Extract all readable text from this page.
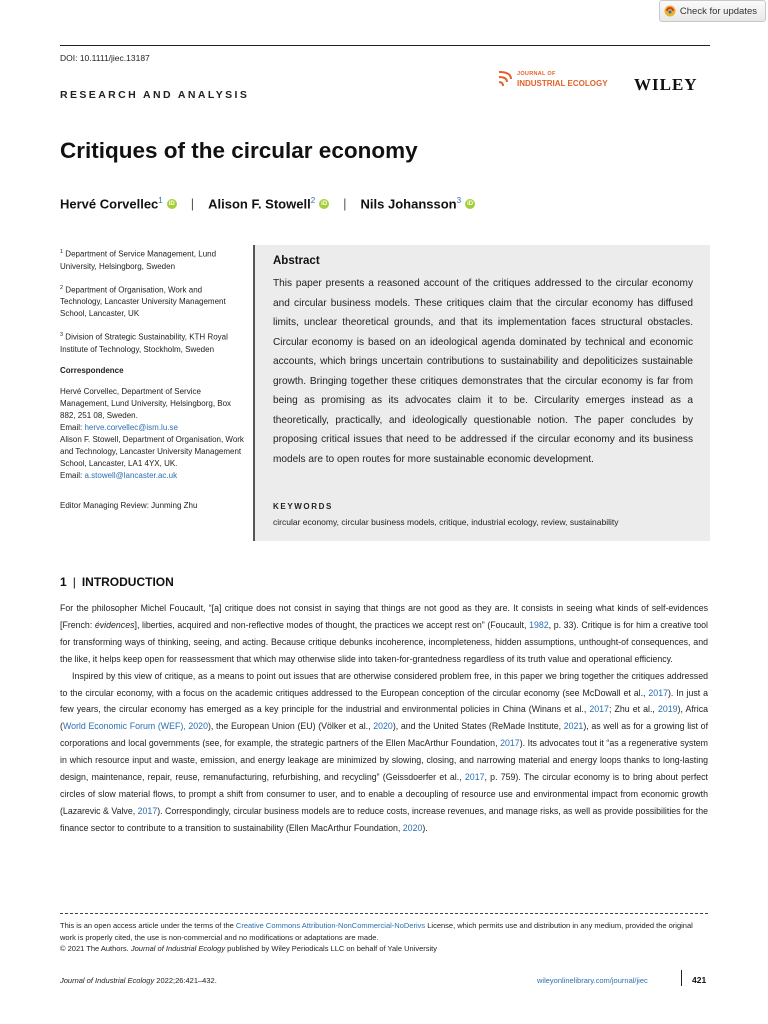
Check for updates
DOI: 10.1111/jiec.13187
RESEARCH AND ANALYSIS
JOURNAL OF
INDUSTRIAL ECOLOGY WILEY
Critiques of the circular economy
Hervé Corvellec$^1$	iD | Alison F. Stowell$^2$	iD | Nils Johansson$^3$	iD

$^1$ Department of Service Management, Lund University, Helsingborg, Sweden

$^2$ Department of Organisation, Work and Technology, Lancaster University Management School, Lancaster, UK

$^3$ Division of Strategic Sustainability, KTH Royal Institute of Technology, Stockholm, Sweden

Correspondence

Hervé Corvellec, Department of Service Management, Lund University, Helsingborg, Box 882, 251 08, Sweden.
Email: herve.corvellec@ism.lu.se
Alison F. Stowell, Department of Organisation, Work and Technology, Lancaster University Management School, Lancaster, LA1 4YX, UK.
Email: a.stowell@lancaster.ac.uk

Editor Managing Review: Junming Zhu

Abstract

This paper presents a reasoned account of the critiques addressed to the circular economy and circular business models. These critiques claim that the circular economy has diffused limits, unclear theoretical grounds, and that its implementation faces structural obstacles. Circular economy is based on an ideological agenda dominated by technical and economic accounts, which brings uncertain contributions to sustainability and depoliticizes sustainable growth. Bringing together these critiques demonstrates that the circular economy is far from being as promising as its advocates claim it to be. Circularity emerges instead as a theoretically, practically, and ideologically questionable notion. The paper concludes by proposing critical issues that need to be addressed if the circular economy and its business models are to open routes for more sustainable economic development.

KEYWORDS
circular economy, circular business models, critique, industrial ecology, review, sustainability
1 | INTRODUCTION

For the philosopher Michel Foucault, “[a] critique does not consist in saying that things are not good as they are. It consists in seeing what kinds of self-evidences [French: évidences], liberties, acquired and non-reflective modes of thought, the practices we accept rest on” (Foucault, 1982, p. 33). Critique is for him a creative tool for transforming ways of thinking, seeing, and acting. Because critique debunks incoherence, incompleteness, hidden assumptions, unthought-of consequences, and the like, it helps keep open for reassessment that which may otherwise slide into taken-for-grantedness regardless of its truth value and operational efficiency.

Inspired by this view of critique, as a means to point out issues that are otherwise considered problem free, in this paper we bring together the critiques addressed to the circular economy, with a focus on the academic critiques addressed to the European conception of the circular economy (see McDowall et al., 2017). In just a few years, the circular economy has emerged as a key principle for the industrial and environmental policies in China (Winans et al., 2017; Zhu et al., 2019), Africa (World Economic Forum (WEF), 2020), the European Union (EU) (Völker et al., 2020), and the United States (ReMade Institute, 2021), as well as for a growing list of corporations and local governments (see, for example, the strategic partners of the Ellen MacArthur Foundation, 2017). Its advocates tout it “as a regenerative system in which resource input and waste, emission, and energy leakage are minimized by slowing, closing, and narrowing material and energy loops thanks to long-lasting design, maintenance, repair, reuse, remanufacturing, refurbishing, and recycling” (Geissdoerfer et al., 2017, p. 759). The circular economy is to bring about perfect circles of slow material flows, to prompt a shift from consumer to user, and to enable a decoupling of resource use and environmental impact from economic growth (Lazarevic & Valve, 2017). Correspondingly, circular business models are to reduce costs, increase revenues, and manage risks, as well as provide possibilities for the finance sector to contribute to a transition to sustainability (Ellen MacArthur Foundation, 2020).

This is an open access article under the terms of the Creative Commons Attribution-NonCommercial-NoDerivs License, which permits use and distribution in any medium, provided the original work is properly cited, the use is non-commercial and no modifications or adaptations are made.

© 2021 The Authors. Journal of Industrial Ecology published by Wiley Periodicals LLC on behalf of Yale University

Journal of Industrial Ecology 2022;26:421–432.	wileyonlinelibrary.com/journal/jiec	421
